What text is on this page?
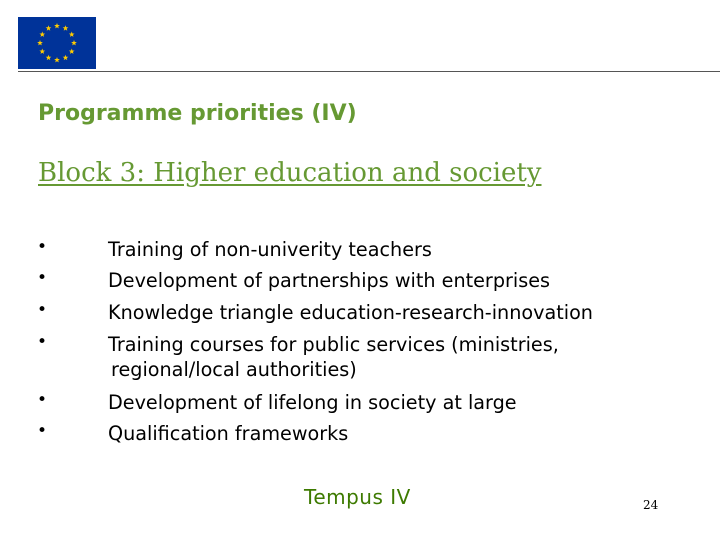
Programme priorities (IV)
Block 3: Higher education and society
•	Training of non-univerity teachers
•	Development of partnerships with enterprises
•	Knowledge triangle education-research-innovation
•	Training courses for public services (ministries,
regional/local authorities)
•	Development of lifelong in society at large
•	Qualification frameworks
Tempus IV	24
